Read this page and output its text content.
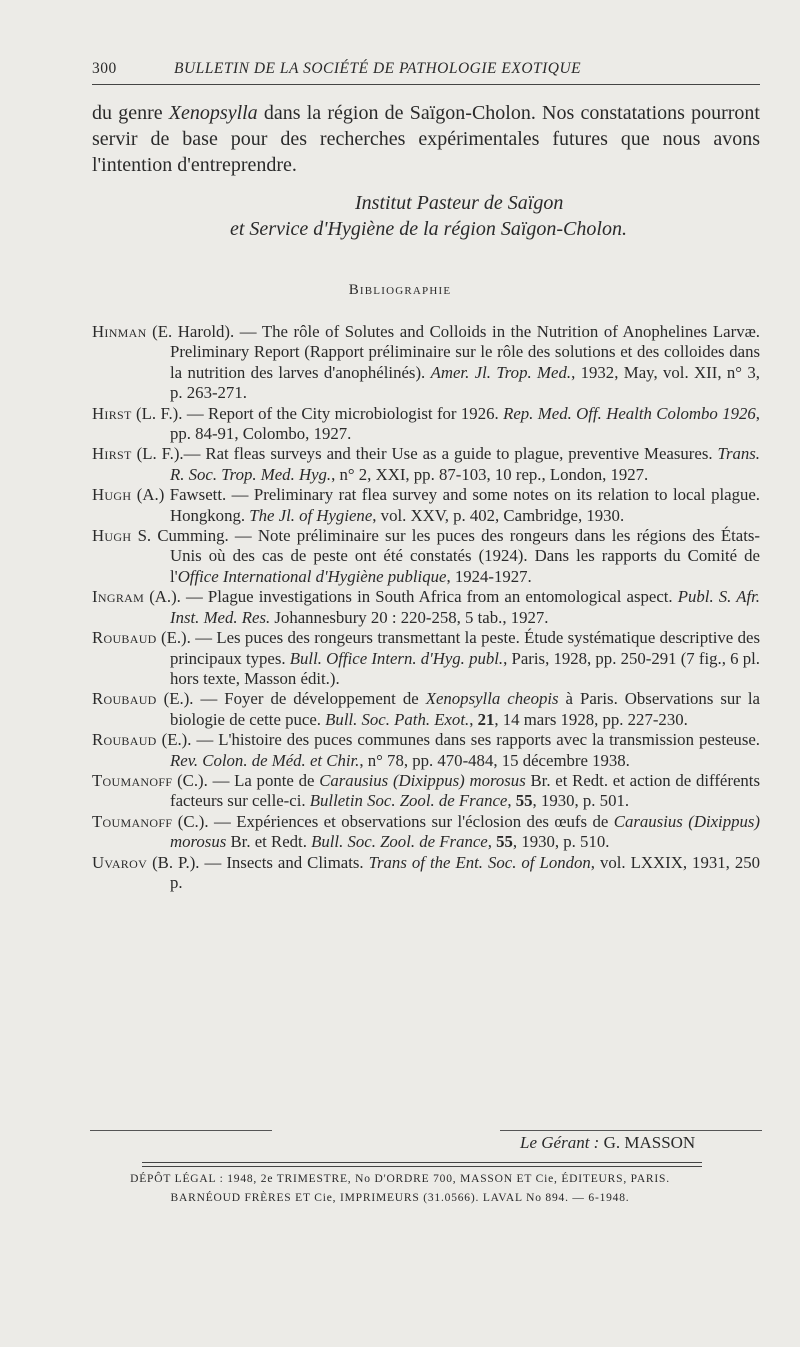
300	BULLETIN DE LA SOCIÉTÉ DE PATHOLOGIE EXOTIQUE
du genre Xenopsylla dans la région de Saïgon-Cholon. Nos constatations pourront servir de base pour des recherches expérimentales futures que nous avons l'intention d'entreprendre.
Institut Pasteur de Saïgon
et Service d'Hygiène de la région Saïgon-Cholon.
Bibliographie

Hinman (E. Harold). — The rôle of Solutes and Colloids in the Nutrition of Anophelines Larvæ. Preliminary Report (Rapport préliminaire sur le rôle des solutions et des colloides dans la nutrition des larves d'anophélinés). Amer. Jl. Trop. Med., 1932, May, vol. XII, n° 3, p. 263-271.

Hirst (L. F.). — Report of the City microbiologist for 1926. Rep. Med. Off. Health Colombo 1926, pp. 84-91, Colombo, 1927.

Hirst (L. F.).— Rat fleas surveys and their Use as a guide to plague, preventive Measures. Trans. R. Soc. Trop. Med. Hyg., n° 2, XXI, pp. 87-103, 10 rep., London, 1927.

Hugh (A.) Fawsett. — Preliminary rat flea survey and some notes on its relation to local plague. Hongkong. The Jl. of Hygiene, vol. XXV, p. 402, Cambridge, 1930.

Hugh S. Cumming. — Note préliminaire sur les puces des rongeurs dans les régions des États-Unis où des cas de peste ont été constatés (1924). Dans les rapports du Comité de l'Office International d'Hygiène publique, 1924-1927.

Ingram (A.). — Plague investigations in South Africa from an entomological aspect. Publ. S. Afr. Inst. Med. Res. Johannesbury 20 : 220-258, 5 tab., 1927.

Roubaud (E.). — Les puces des rongeurs transmettant la peste. Étude systématique descriptive des principaux types. Bull. Office Intern. d'Hyg. publ., Paris, 1928, pp. 250-291 (7 fig., 6 pl. hors texte, Masson édit.).

Roubaud (E.). — Foyer de développement de Xenopsylla cheopis à Paris. Observations sur la biologie de cette puce. Bull. Soc. Path. Exot., 21, 14 mars 1928, pp. 227-230.

Roubaud (E.). — L'histoire des puces communes dans ses rapports avec la transmission pesteuse. Rev. Colon. de Méd. et Chir., n° 78, pp. 470-484, 15 décembre 1938.

Toumanoff (C.). — La ponte de Carausius (Dixippus) morosus Br. et Redt. et action de différents facteurs sur celle-ci. Bulletin Soc. Zool. de France, 55, 1930, p. 501.

Toumanoff (C.). — Expériences et observations sur l'éclosion des œufs de Carausius (Dixippus) morosus Br. et Redt. Bull. Soc. Zool. de France, 55, 1930, p. 510.

Uvarov (B. P.). — Insects and Climats. Trans of the Ent. Soc. of London, vol. LXXIX, 1931, 250 p.

Le Gérant : G. MASSON
DÉPÔT LÉGAL : 1948, 2e TRIMESTRE, No D'ORDRE 700, MASSON ET Cie, ÉDITEURS, PARIS.
BARNÉOUD FRÈRES ET Cie, IMPRIMEURS (31.0566). LAVAL No 894. — 6-1948.
